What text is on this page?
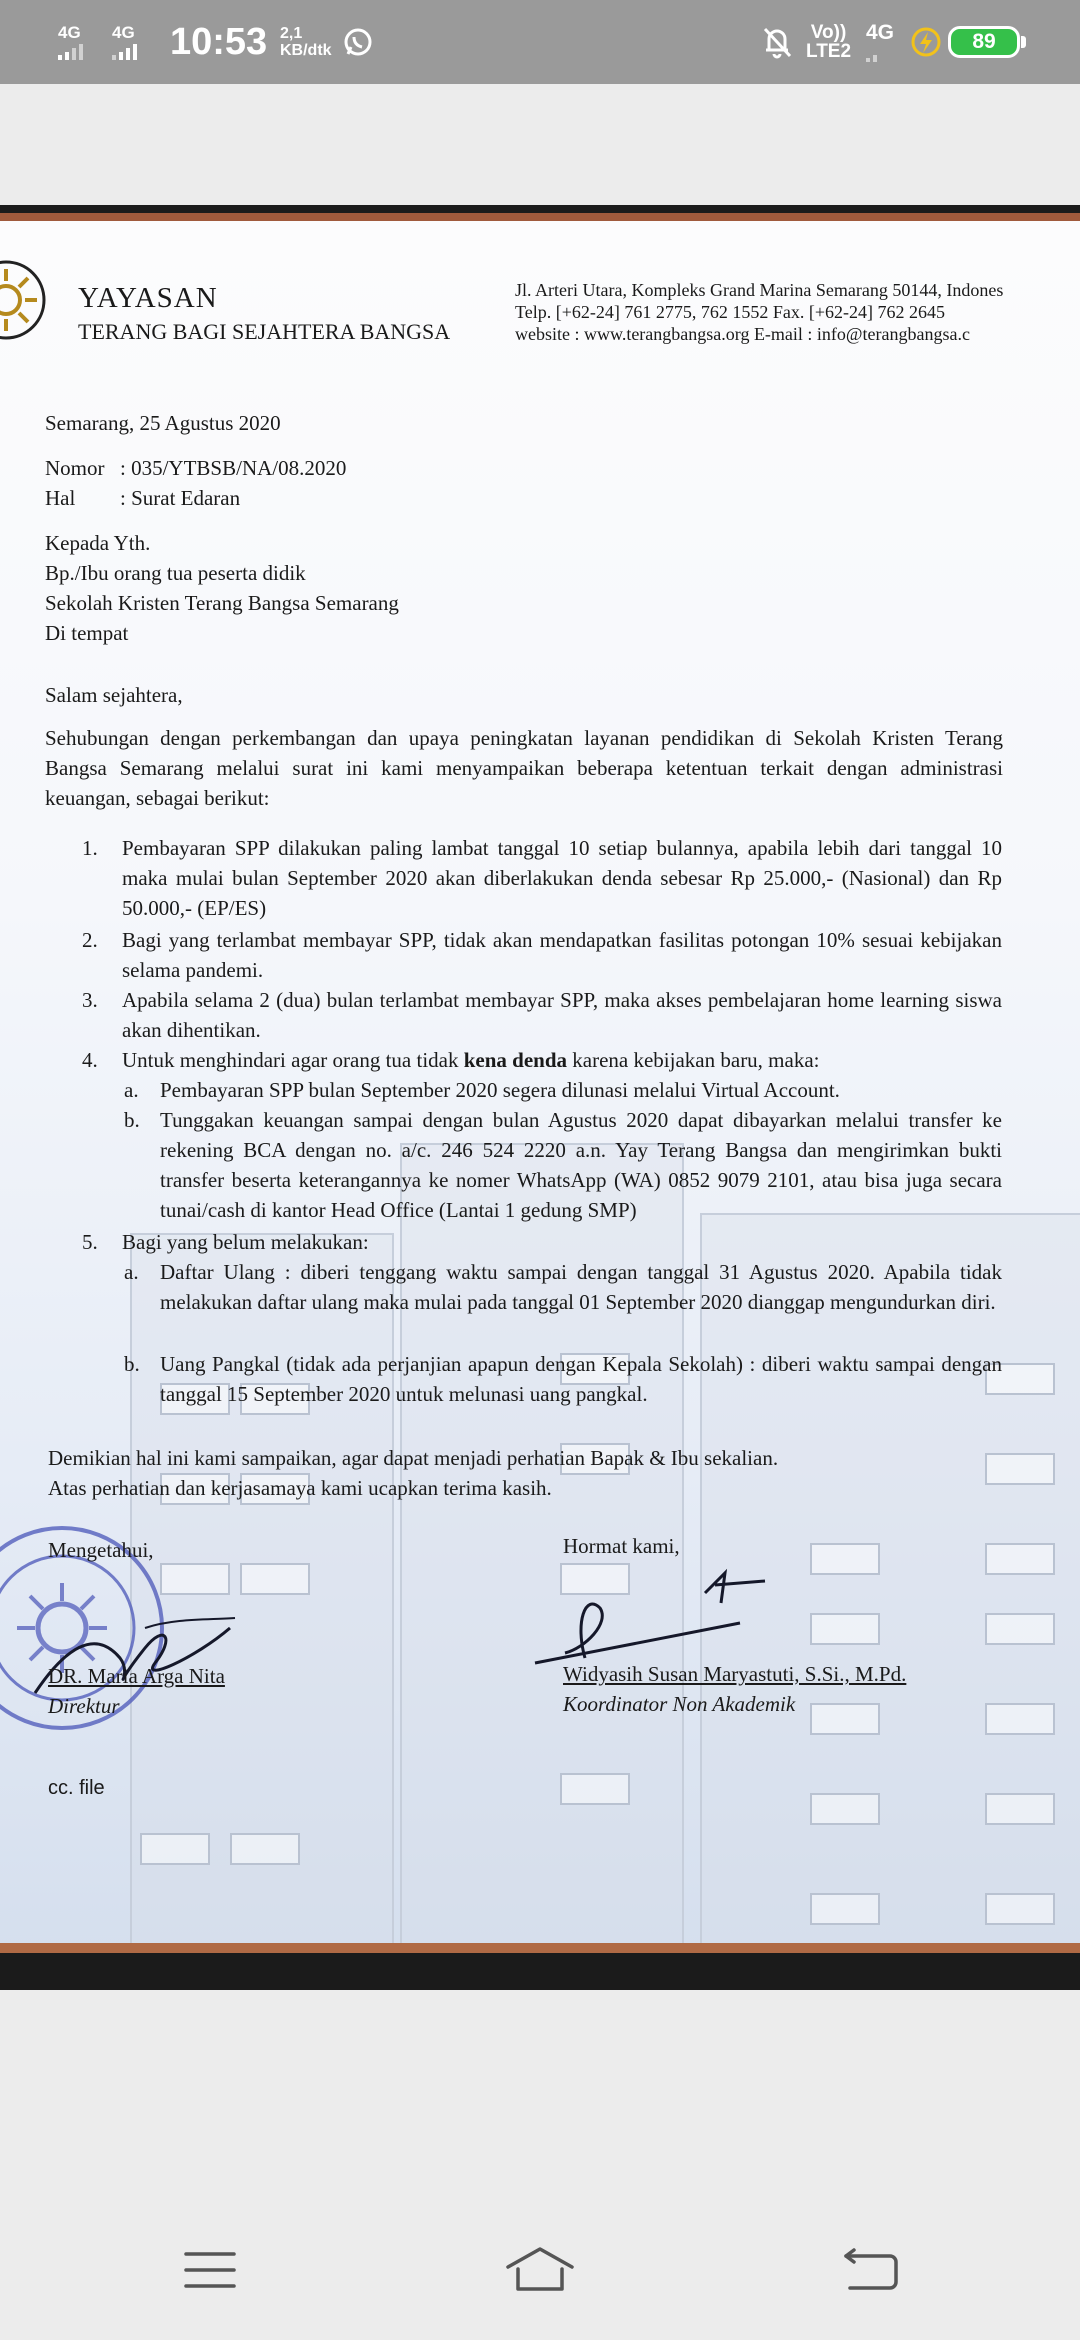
4G 4G 10:53 2,1
KB/dtk
Vo))
LTE2
4G	89
YAYASAN
TERANG BAGI SEJAHTERA BANGSA
Jl. Arteri Utara, Kompleks Grand Marina Semarang 50144, Indones
Telp. [+62-24] 761 2775, 762 1552 Fax. [+62-24] 762 2645
website : www.terangbangsa.org E-mail : info@terangbangsa.c
Semarang, 25 Agustus 2020
Nomor : 035/YTBSB/NA/08.2020
Hal : Surat Edaran
Kepada Yth.
Bp./Ibu orang tua peserta didik
Sekolah Kristen Terang Bangsa Semarang
Di tempat
Salam sejahtera,
Sehubungan dengan perkembangan dan upaya peningkatan layanan pendidikan di Sekolah Kristen Terang Bangsa Semarang melalui surat ini kami menyampaikan beberapa ketentuan terkait dengan administrasi keuangan, sebagai berikut:
1. Pembayaran SPP dilakukan paling lambat tanggal 10 setiap bulannya, apabila lebih dari tanggal 10 maka mulai bulan September 2020 akan diberlakukan denda sebesar Rp 25.000,- (Nasional) dan Rp 50.000,- (EP/ES)
2. Bagi yang terlambat membayar SPP, tidak akan mendapatkan fasilitas potongan 10% sesuai kebijakan selama pandemi.
3. Apabila selama 2 (dua) bulan terlambat membayar SPP, maka akses pembelajaran home learning siswa akan dihentikan.
4. Untuk menghindari agar orang tua tidak kena denda karena kebijakan baru, maka:
a. Pembayaran SPP bulan September 2020 segera dilunasi melalui Virtual Account.
b. Tunggakan keuangan sampai dengan bulan Agustus 2020 dapat dibayarkan melalui transfer ke rekening BCA dengan no. a/c. 246 524 2220 a.n. Yay Terang Bangsa dan mengirimkan bukti transfer beserta keterangannya ke nomer WhatsApp (WA) 0852 9079 2101, atau bisa juga secara tunai/cash di kantor Head Office (Lantai 1 gedung SMP)
5. Bagi yang belum melakukan:
a. Daftar Ulang : diberi tenggang waktu sampai dengan tanggal 31 Agustus 2020. Apabila tidak melakukan daftar ulang maka mulai pada tanggal 01 September 2020 dianggap mengundurkan diri.
b. Uang Pangkal (tidak ada perjanjian apapun dengan Kepala Sekolah) : diberi waktu sampai dengan tanggal 15 September 2020 untuk melunasi uang pangkal.
Demikian hal ini kami sampaikan, agar dapat menjadi perhatian Bapak & Ibu sekalian.
Atas perhatian dan kerjasamaya kami ucapkan terima kasih.
Mengetahui,	Hormat kami,
DR. Maria Arga Nita
Direktur
Widyasih Susan Maryastuti, S.Si., M.Pd.
Koordinator Non Akademik
cc. file
